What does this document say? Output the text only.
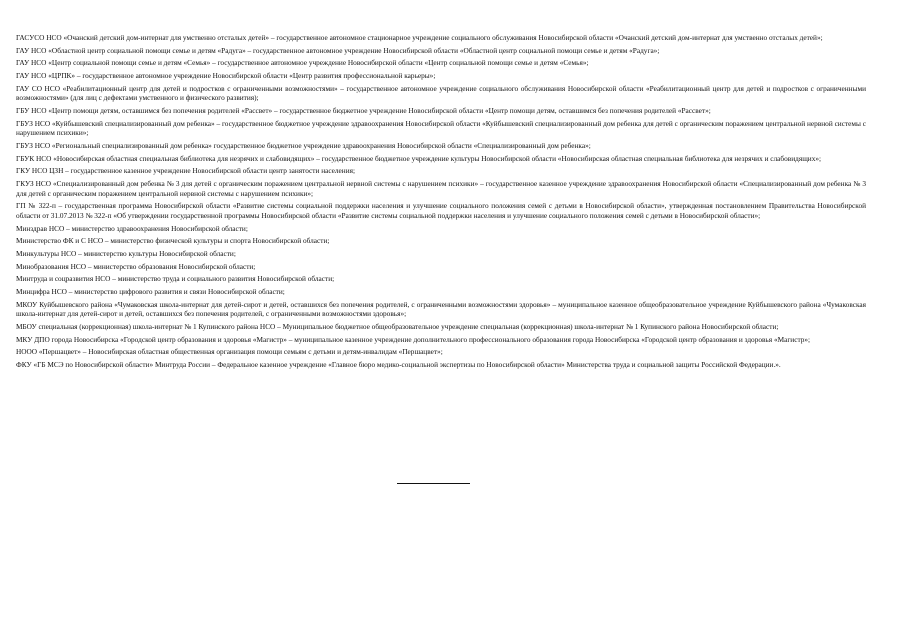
ГАСУСО НСО «Очанский детский дом-интернат для умственно отсталых детей» – государственное автономное стационарное учреждение социального обслуживания Новосибирской области «Очанский детский дом-интернат для умственно отсталых детей»;

ГАУ НСО «Областной центр социальной помощи семье и детям «Радуга» – государственное автономное учреждение Новосибирской области «Областной центр социальной помощи семье и детям «Радуга»;

ГАУ НСО «Центр социальной помощи семье и детям «Семья» – государственное автономное учреждение Новосибирской области «Центр социальной помощи семье и детям «Семья»;

ГАУ НСО «ЦРПК» – государственное автономное учреждение Новосибирской области «Центр развития профессиональной карьеры»;

ГАУ СО НСО «Реабилитационный центр для детей и подростков с ограниченными возможностями» – государственное автономное учреждение социального обслуживания Новосибирской области «Реабилитационный центр для детей и подростков с ограниченными возможностями» (для лиц с дефектами умственного и физического развития);

ГБУ НСО «Центр помощи детям, оставшимся без попечения родителей «Рассвет» – государственное бюджетное учреждение Новосибирской области «Центр помощи детям, оставшимся без попечения родителей «Рассвет»;

ГБУЗ НСО «Куйбышевский специализированный дом ребенка» – государственное бюджетное учреждение здравоохранения Новосибирской области «Куйбышевский специализированный дом ребенка для детей с органическим поражением центральной нервной системы с нарушением психики»;

ГБУЗ НСО «Региональный специализированный дом ребенка» государственное бюджетное учреждение здравоохранения Новосибирской области «Специализированный дом ребенка»;

ГБУК НСО «Новосибирская областная специальная библиотека для незрячих и слабовидящих» – государственное бюджетное учреждение культуры Новосибирской области «Новосибирская областная специальная библиотека для незрячих и слабовидящих»;

ГКУ НСО ЦЗН – государственное казенное учреждение Новосибирской области центр занятости населения;

ГКУЗ НСО «Специализированный дом ребенка № 3 для детей с органическим поражением центральной нервной системы с нарушением психики» – государственное казенное учреждение здравоохранения Новосибирской области «Специализированный дом ребенка № 3 для детей с органическим поражением центральной нервной системы с нарушением психики»;

ГП № 322-п – государственная программа Новосибирской области «Развитие системы социальной поддержки населения и улучшение социального положения семей с детьми в Новосибирской области», утвержденная постановлением Правительства Новосибирской области от 31.07.2013 № 322-п «Об утверждении государственной программы Новосибирской области «Развитие системы социальной поддержки населения и улучшение социального положения семей с детьми в Новосибирской области»;

Минздрав НСО – министерство здравоохранения Новосибирской области;

Министерство ФК и С НСО – министерство физической культуры и спорта Новосибирской области;

Минкультуры НСО – министерство культуры Новосибирской области;

Минобразования НСО – министерство образования Новосибирской области;

Минтруда и соцразвития НСО – министерство труда и социального развития Новосибирской области;

Минцифра НСО – министерство цифрового развития и связи Новосибирской области;

МКОУ Куйбышевского района «Чумаковская школа-интернат для детей-сирот и детей, оставшихся без попечения родителей, с ограниченными возможностями здоровья» – муниципальное казенное общеобразовательное учреждение Куйбышевского района «Чумаковская школа-интернат для детей-сирот и детей, оставшихся без попечения родителей, с ограниченными возможностями здоровья»;

МБОУ специальная (коррекционная) школа-интернат № 1 Купинского района НСО – Муниципальное бюджетное общеобразовательное учреждение специальная (коррекционная) школа-интернат № 1 Купинского района Новосибирской области;

МКУ ДПО города Новосибирска «Городской центр образования и здоровья «Магистр» – муниципальное казенное учреждение дополнительного профессионального образования города Новосибирска «Городской центр образования и здоровья «Магистр»;

НООО «Першацвет» – Новосибирская областная общественная организация помощи семьям с детьми и детям-инвалидам «Першацвет»;

ФКУ «ГБ МСЭ по Новосибирской области» Минтруда России – Федеральное казенное учреждение «Главное бюро медико-социальной экспертизы по Новосибирской области» Министерства труда и социальной защиты Российской Федерации.».
